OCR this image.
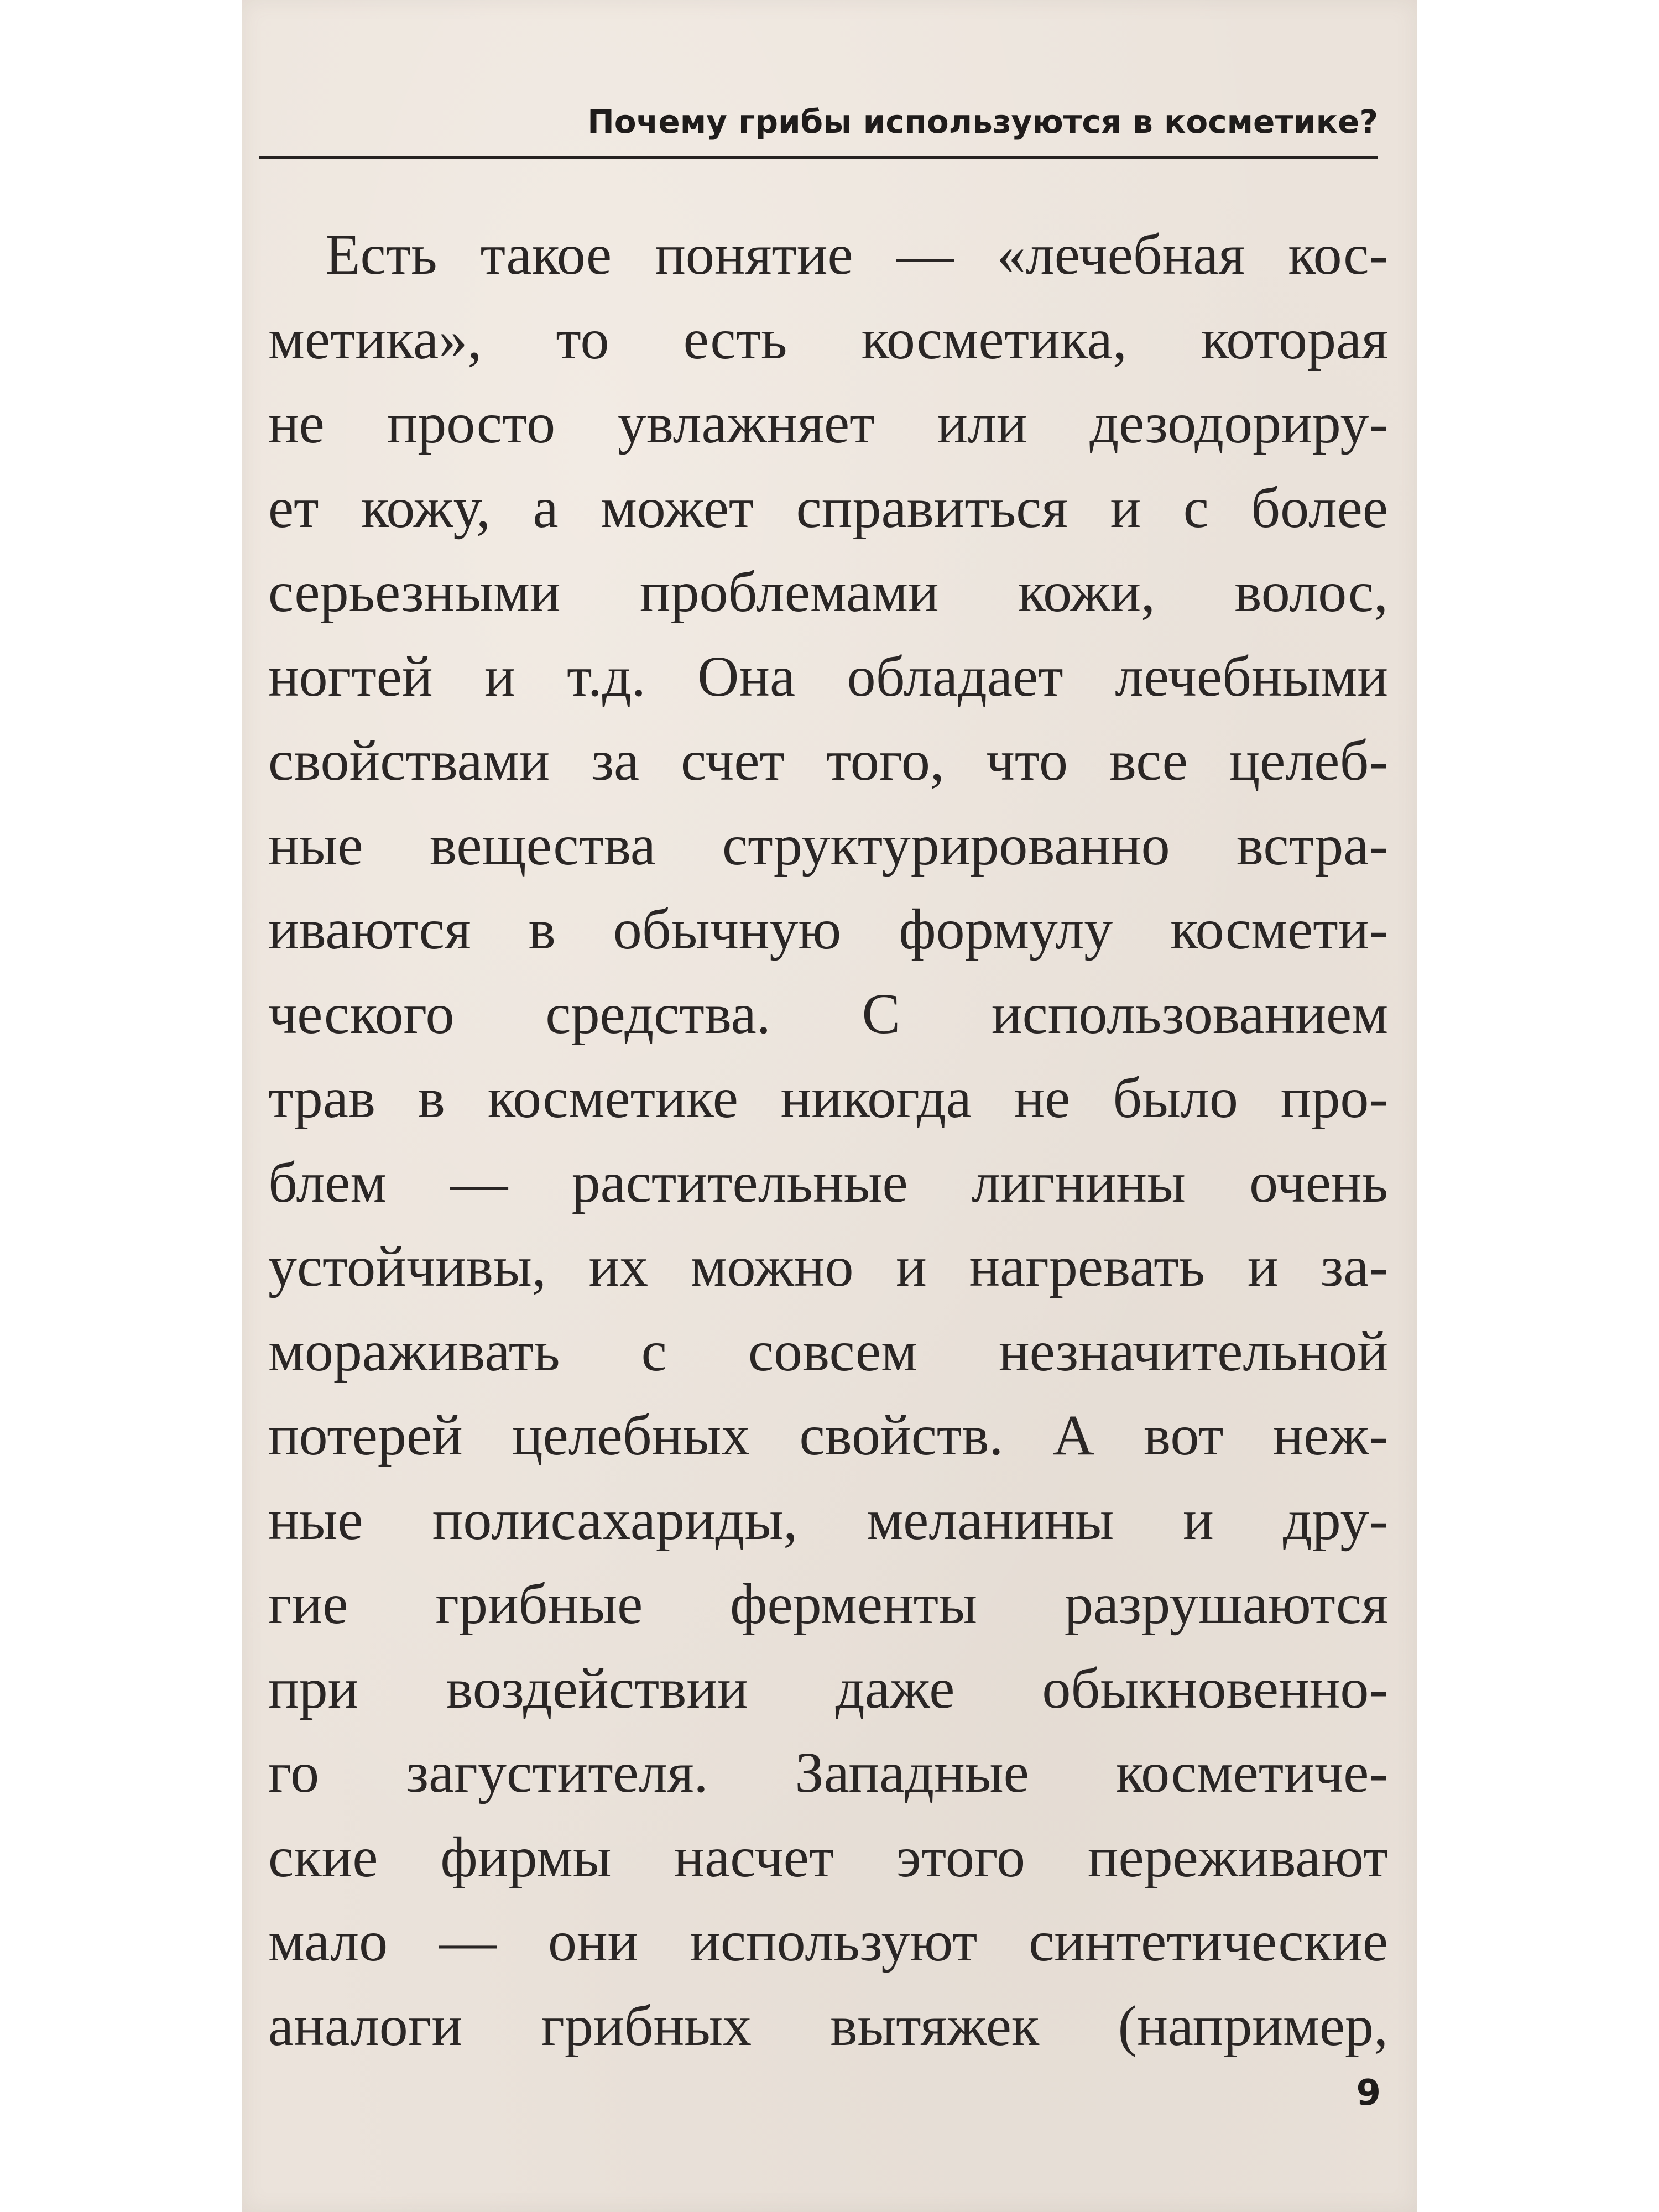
Почему грибы используются в косметике?
Есть такое понятие — «лечебная кос-
метика», то есть косметика, которая
не просто увлажняет или дезодориру-
ет кожу, а может справиться и с более
серьезными проблемами кожи, волос,
ногтей и т.д. Она обладает лечебными
свойствами за счет того, что все целеб-
ные вещества структурированно встра-
иваются в обычную формулу космети-
ческого средства. С использованием
трав в косметике никогда не было про-
блем — растительные лигнины очень
устойчивы, их можно и нагревать и за-
мораживать с совсем незначительной
потерей целебных свойств. А вот неж-
ные полисахариды, меланины и дру-
гие грибные ферменты разрушаются
при воздействии даже обыкновенно-
го загустителя. Западные косметиче-
ские фирмы насчет этого переживают
мало — они используют синтетические
аналоги грибных вытяжек (например,
9
